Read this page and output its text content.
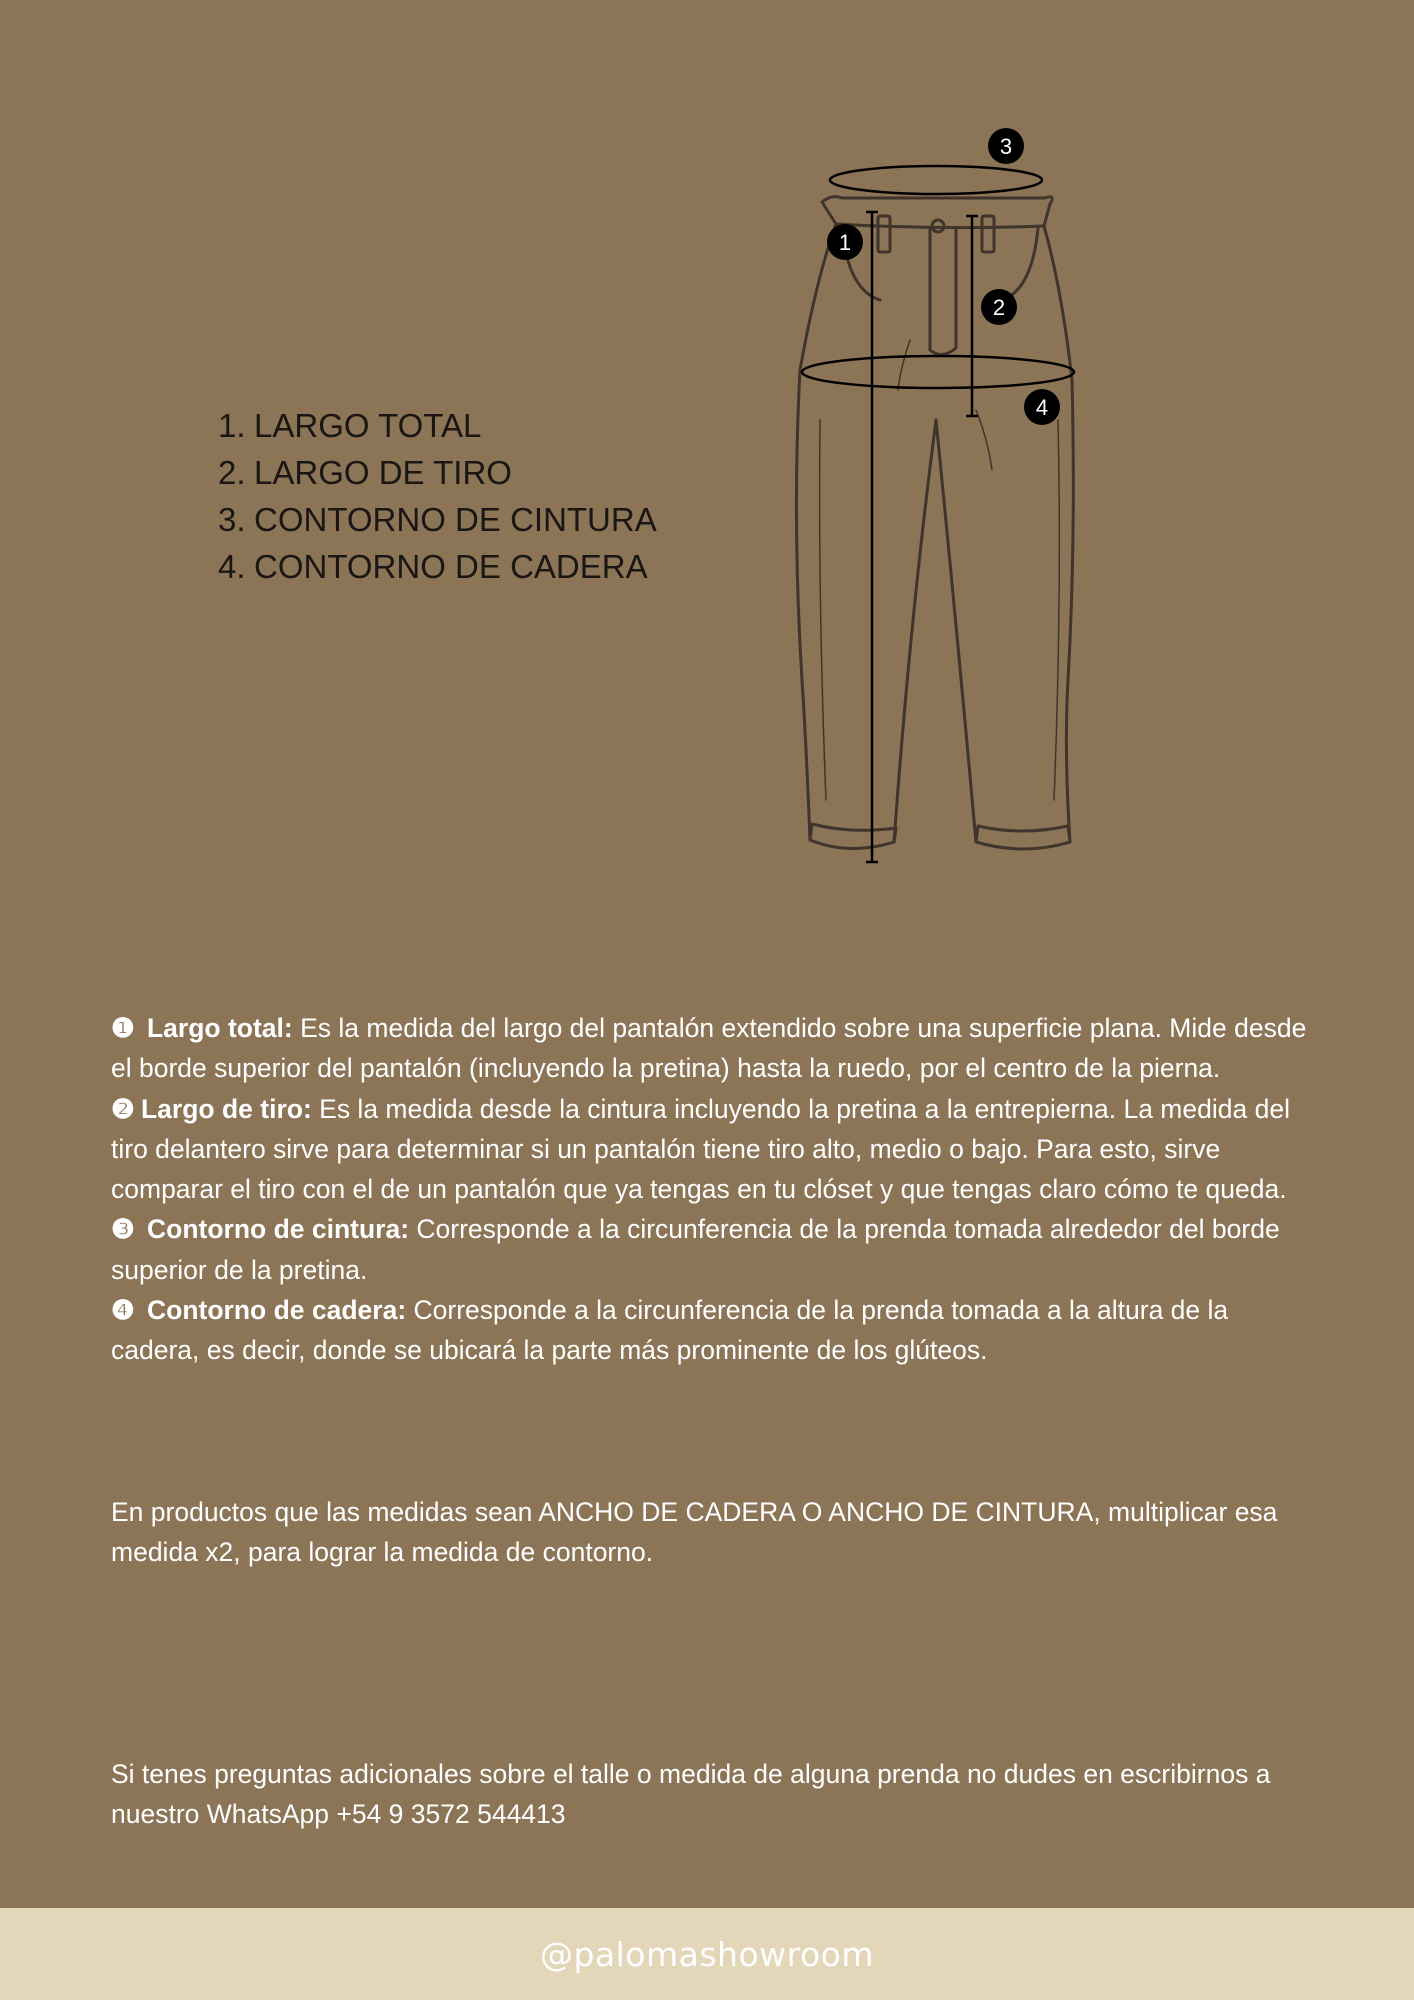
1. LARGO TOTAL
2. LARGO DE TIRO
3. CONTORNO DE CINTURA
4. CONTORNO DE CADERA
3
1
2
4

❶ Largo total: Es la medida del largo del pantalón extendido sobre una superficie plana. Mide desde el borde superior del pantalón (incluyendo la pretina) hasta la ruedo, por el centro de la pierna.

❷ Largo de tiro: Es la medida desde la cintura incluyendo la pretina a la entrepierna. La medida del tiro delantero sirve para determinar si un pantalón tiene tiro alto, medio o bajo. Para esto, sirve comparar el tiro con el de un pantalón que ya tengas en tu clóset y que tengas claro cómo te queda.

❸ Contorno de cintura: Corresponde a la circunferencia de la prenda tomada alrededor del borde superior de la pretina.

❹ Contorno de cadera: Corresponde a la circunferencia de la prenda tomada a la altura de la cadera, es decir, donde se ubicará la parte más prominente de los glúteos.

En productos que las medidas sean ANCHO DE CADERA O ANCHO DE CINTURA, multiplicar esa medida x2, para lograr la medida de contorno.

Si tenes preguntas adicionales sobre el talle o medida de alguna prenda no dudes en escribirnos a nuestro WhatsApp +54 9 3572 544413

@palomashowroom
